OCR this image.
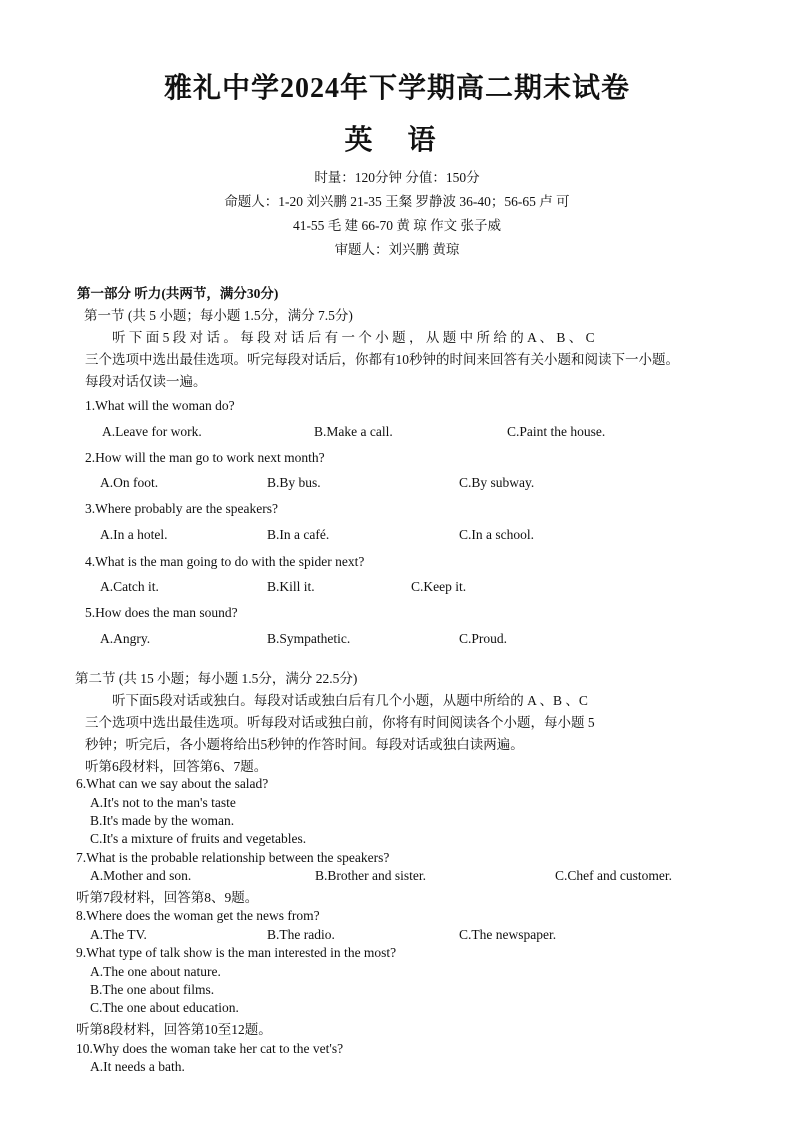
雅礼中学2024年下学期高二期末试卷
英 语
时量：120分钟 分值：150分
命题人：1-20 刘兴鹏 21-35 王粲 罗静波 36-40；56-65 卢 可
41-55 毛 建 66-70 黄 琼 作文 张子威
审题人：刘兴鹏 黄琼
第一部分 听力(共两节，满分30分)
第一节 (共 5 小题；每小题 1.5分，满分 7.5分)
听 下 面 5 段 对 话 。 每 段 对 话 后 有 一 个 小 题 ， 从 题 中 所 给 的 A 、 B 、 C
三个选项中选出最佳选项。听完每段对话后，你都有10秒钟的时间来回答有关小题和阅读下一小题。
每段对话仅读一遍。
1.What will the woman do?
A.Leave for work.	B.Make a call.	C.Paint the house.
2.How will the man go to work next month?
A.On foot.	B.By bus.	C.By subway.
3.Where probably are the speakers?
A.In a hotel.	B.In a café.	C.In a school.
4.What is the man going to do with the spider next?
A.Catch it.	B.Kill it.	C.Keep it.
5.How does the man sound?
A.Angry.	B.Sympathetic.	C.Proud.
第二节 (共 15 小题；每小题 1.5分，满分 22.5分)
听下面5段对话或独白。每段对话或独白后有几个小题，从题中所给的 A 、B 、C
三个选项中选出最佳选项。听每段对话或独白前，你将有时间阅读各个小题，每小题 5
秒钟；听完后，各小题将给出5秒钟的作答时间。每段对话或独白读两遍。
听第6段材料，回答第6、7题。
6.What can we say about the salad?
A.It's not to the man's taste
B.It's made by the woman.
C.It's a mixture of fruits and vegetables.
7.What is the probable relationship between the speakers?
A.Mother and son.	B.Brother and sister.	C.Chef and customer.
听第7段材料，回答第8、9题。
8.Where does the woman get the news from?
A.The TV.	B.The radio.	C.The newspaper.
9.What type of talk show is the man interested in the most?
A.The one about nature.
B.The one about films.
C.The one about education.
听第8段材料，回答第10至12题。
10.Why does the woman take her cat to the vet's?
A.It needs a bath.
